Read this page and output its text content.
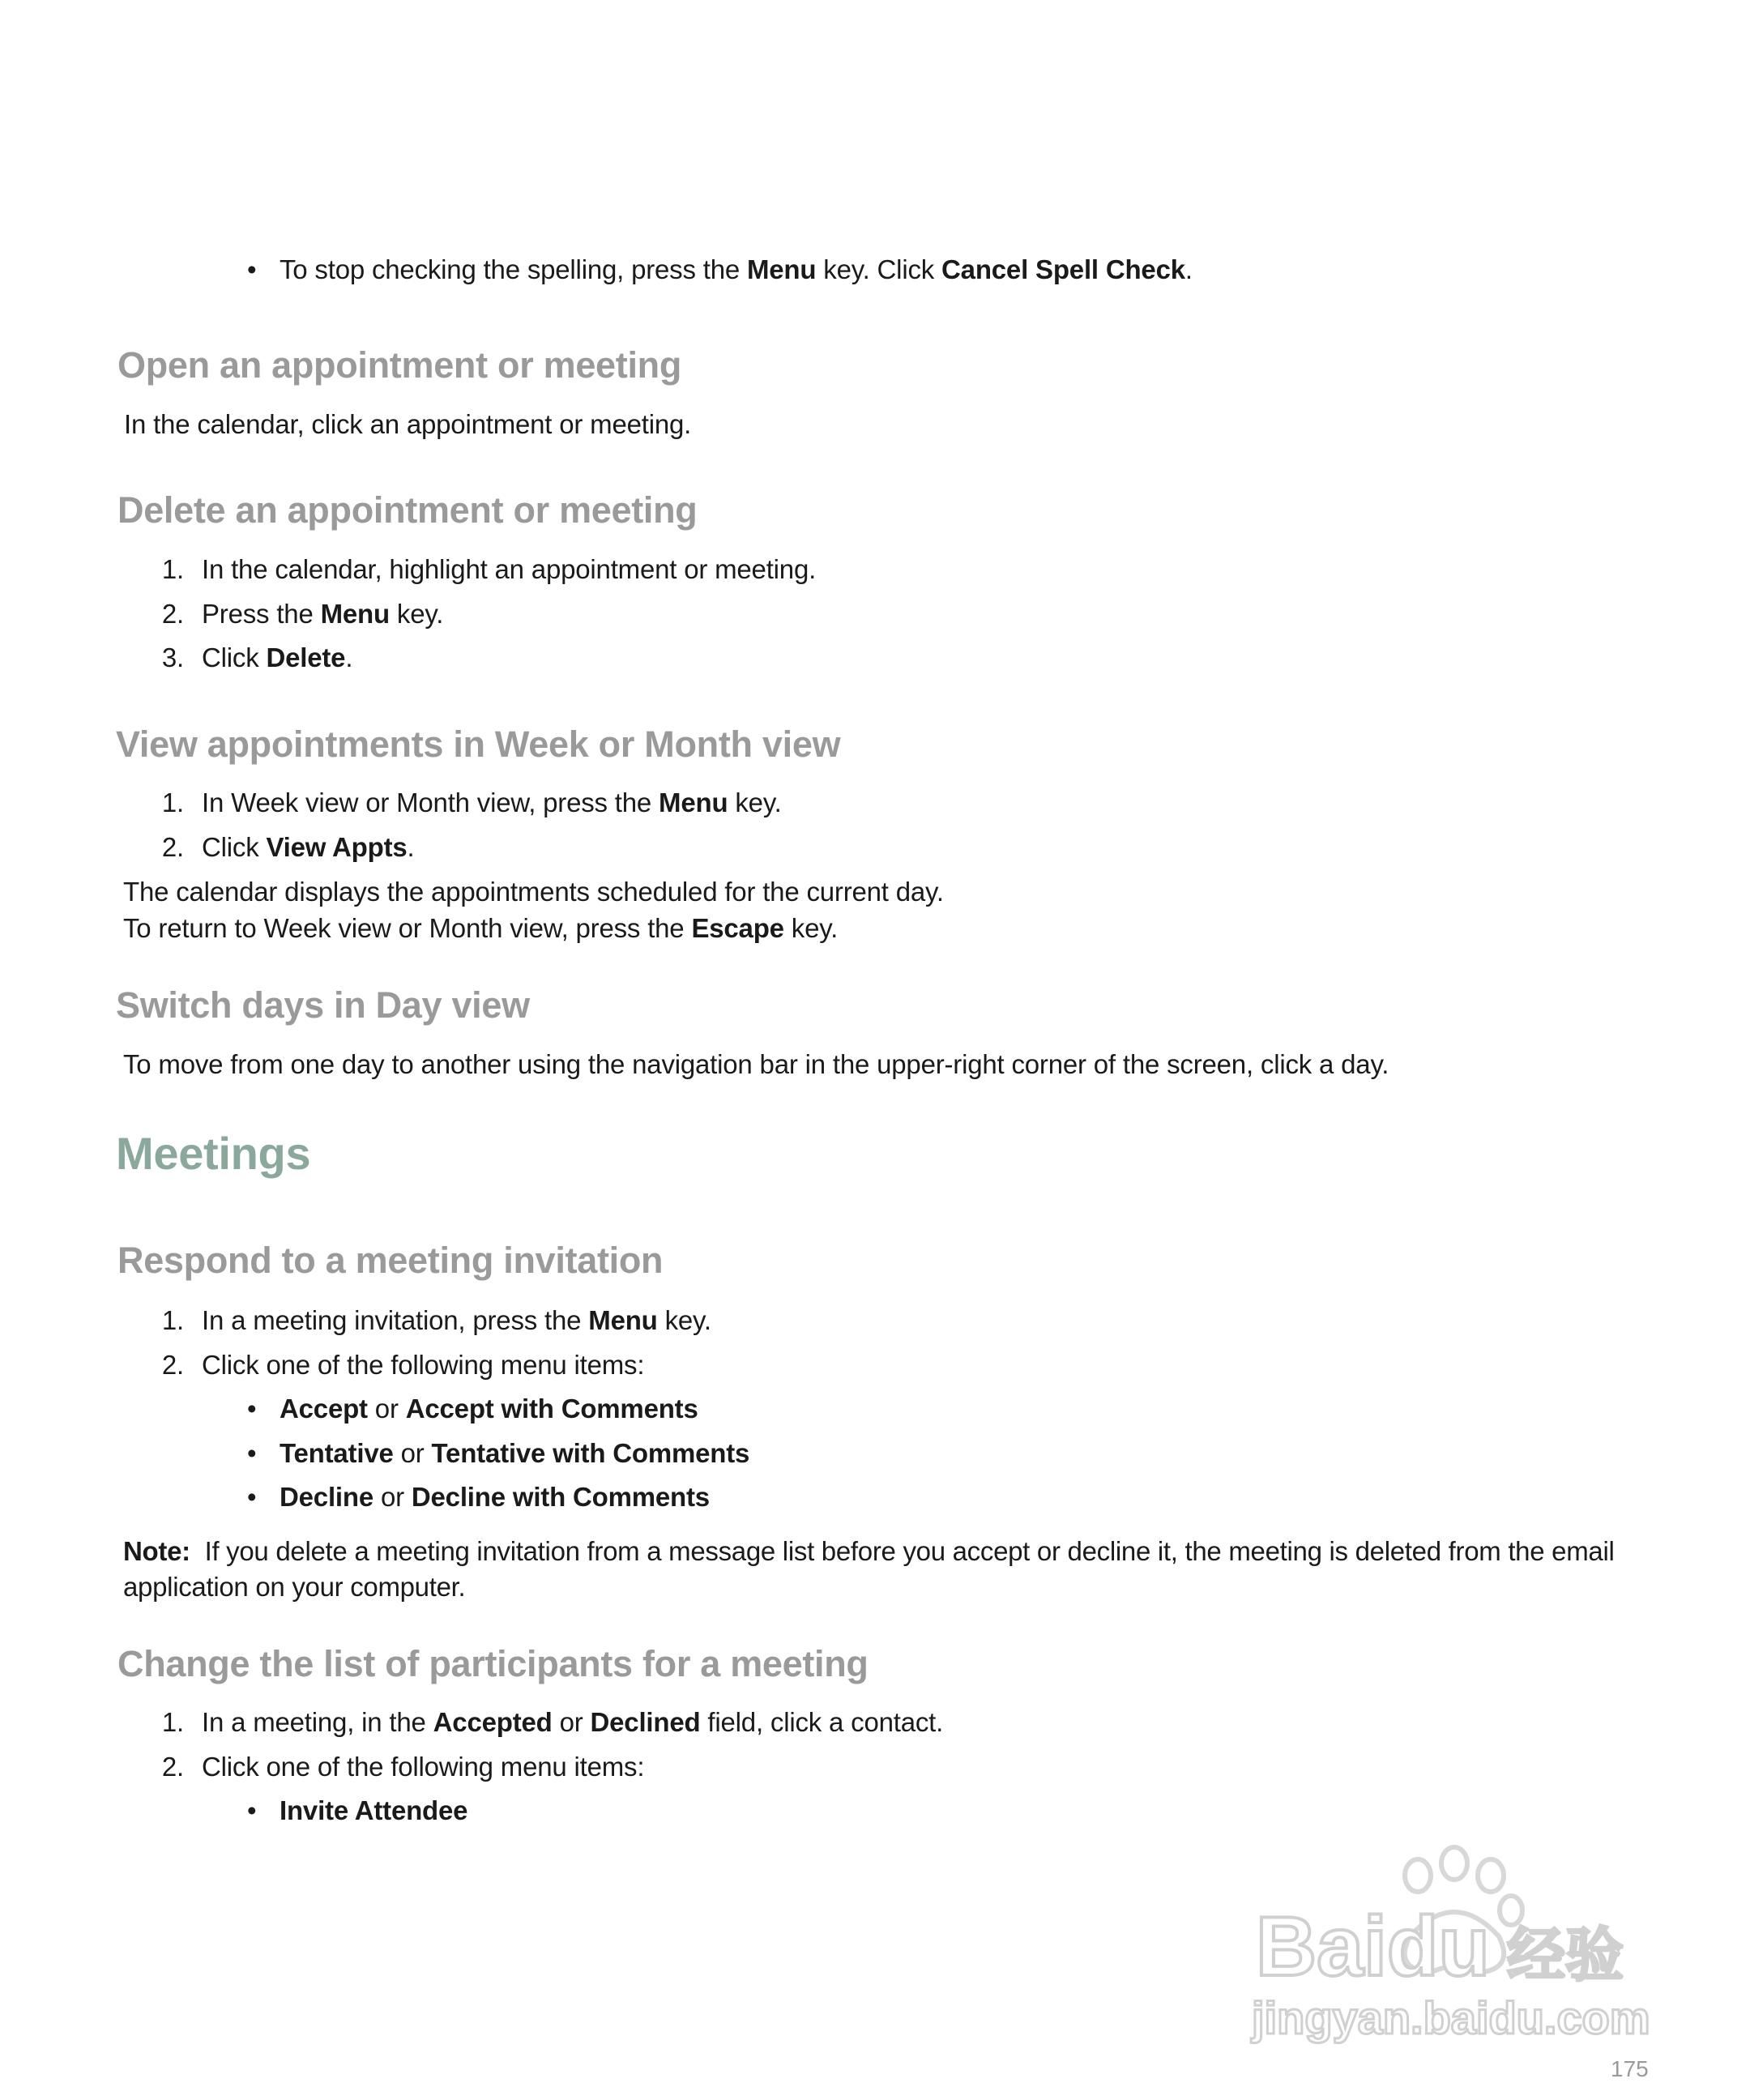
• To stop checking the spelling, press the Menu key. Click Cancel Spell Check.
Open an appointment or meeting
In the calendar, click an appointment or meeting.
Delete an appointment or meeting
1. In the calendar, highlight an appointment or meeting.
2. Press the Menu key.
3. Click Delete.
View appointments in Week or Month view
1. In Week view or Month view, press the Menu key.
2. Click View Appts.
The calendar displays the appointments scheduled for the current day.
To return to Week view or Month view, press the Escape key.
Switch days in Day view
To move from one day to another using the navigation bar in the upper-right corner of the screen, click a day.
Meetings
Respond to a meeting invitation
1. In a meeting invitation, press the Menu key.
2. Click one of the following menu items:
• Accept or Accept with Comments
• Tentative or Tentative with Comments
• Decline or Decline with Comments
Note: If you delete a meeting invitation from a message list before you accept or decline it, the meeting is deleted from the email application on your computer.
Change the list of participants for a meeting
1. In a meeting, in the Accepted or Declined field, click a contact.
2. Click one of the following menu items:
• Invite Attendee
Baidu 经验
jingyan.baidu.com
175
